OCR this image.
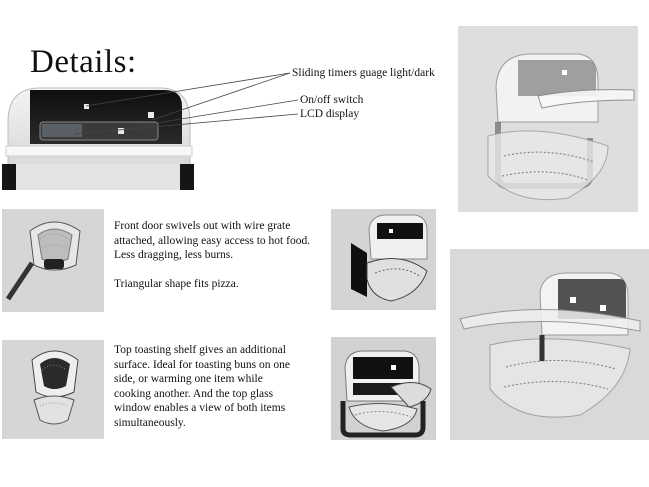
Details:	Sliding timers guage light/dark
On/off switch
LCD display
Front door swivels out with wire grate
attached, allowing easy access to hot food.
Less dragging, less burns.

Triangular shape fits pizza.
Top toasting shelf gives an additional
surface. Ideal for toasting buns on one
side, or warming one item while
cooking another. And the top glass
window enables a view of both items
simultaneously.
